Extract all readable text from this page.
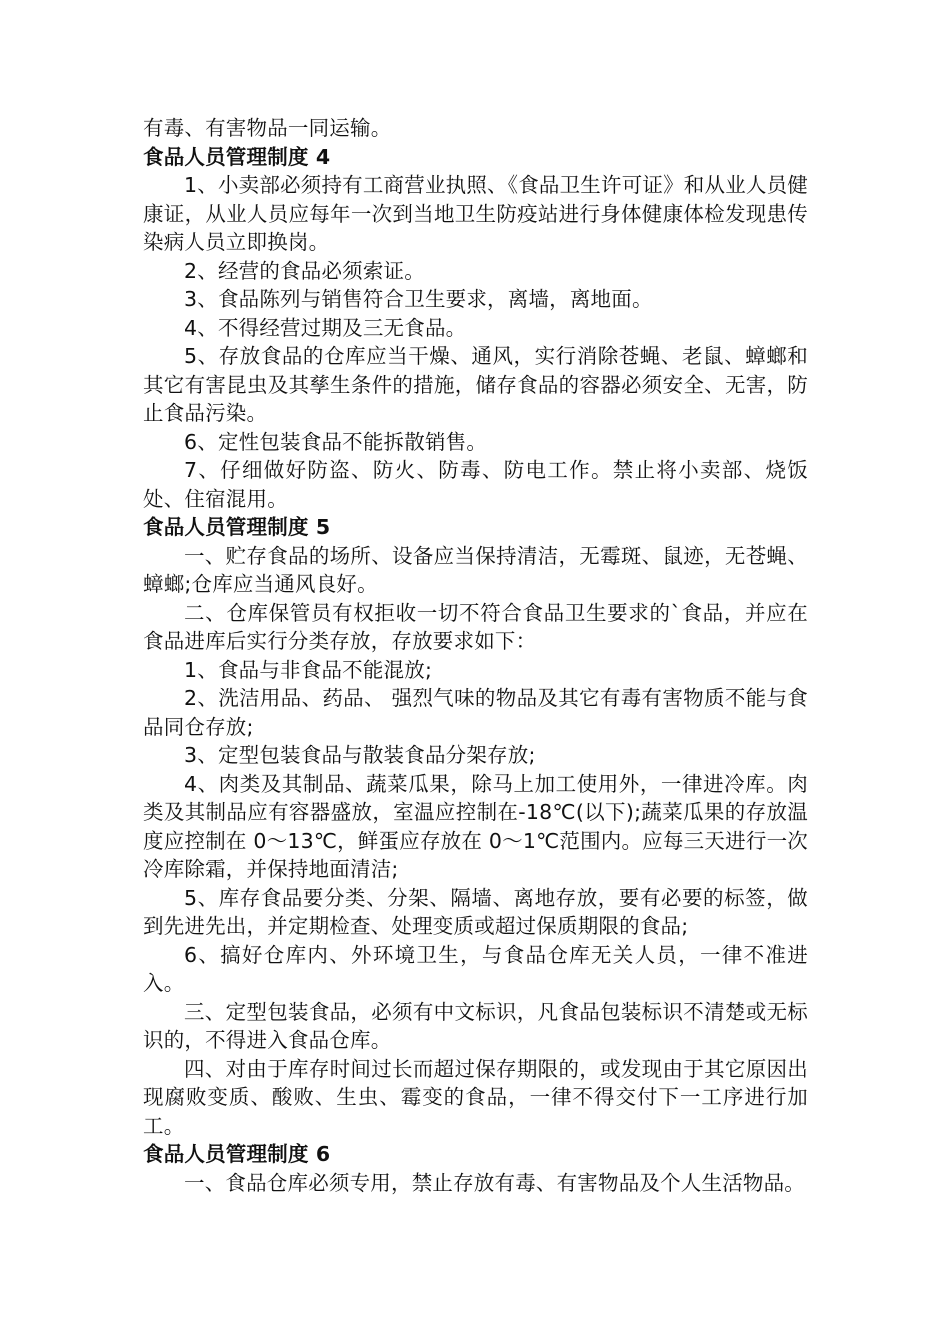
有毒、有害物品一同运输。

食品人员管理制度 4

1、小卖部必须持有工商营业执照、《食品卫生许可证》和从业人员健康证，从业人员应每年一次到当地卫生防疫站进行身体健康体检发现患传染病人员立即换岗。

2、经营的食品必须索证。

3、食品陈列与销售符合卫生要求，离墙，离地面。

4、不得经营过期及三无食品。

5、存放食品的仓库应当干燥、通风，实行消除苍蝇、老鼠、蟑螂和其它有害昆虫及其孳生条件的措施，储存食品的容器必须安全、无害，防止食品污染。

6、定性包装食品不能拆散销售。

7、仔细做好防盗、防火、防毒、防电工作。禁止将小卖部、烧饭处、住宿混用。

食品人员管理制度 5

一、贮存食品的场所、设备应当保持清洁，无霉斑、鼠迹，无苍蝇、蟑螂;仓库应当通风良好。

二、仓库保管员有权拒收一切不符合食品卫生要求的`食品，并应在食品进库后实行分类存放，存放要求如下：

1、食品与非食品不能混放;

2、洗洁用品、药品、 强烈气味的物品及其它有毒有害物质不能与食品同仓存放;

3、定型包装食品与散装食品分架存放;

4、肉类及其制品、蔬菜瓜果，除马上加工使用外，一律进冷库。肉类及其制品应有容器盛放，室温应控制在-18℃(以下);蔬菜瓜果的存放温度应控制在 0～13℃，鲜蛋应存放在 0～1℃范围内。应每三天进行一次冷库除霜，并保持地面清洁;

5、库存食品要分类、分架、隔墙、离地存放，要有必要的标签，做到先进先出，并定期检查、处理变质或超过保质期限的食品;

6、搞好仓库内、外环境卫生，与食品仓库无关人员，一律不准进入。

三、定型包装食品，必须有中文标识，凡食品包装标识不清楚或无标识的，不得进入食品仓库。

四、对由于库存时间过长而超过保存期限的，或发现由于其它原因出现腐败变质、酸败、生虫、霉变的食品，一律不得交付下一工序进行加工。

食品人员管理制度 6

一、食品仓库必须专用，禁止存放有毒、有害物品及个人生活物品。
